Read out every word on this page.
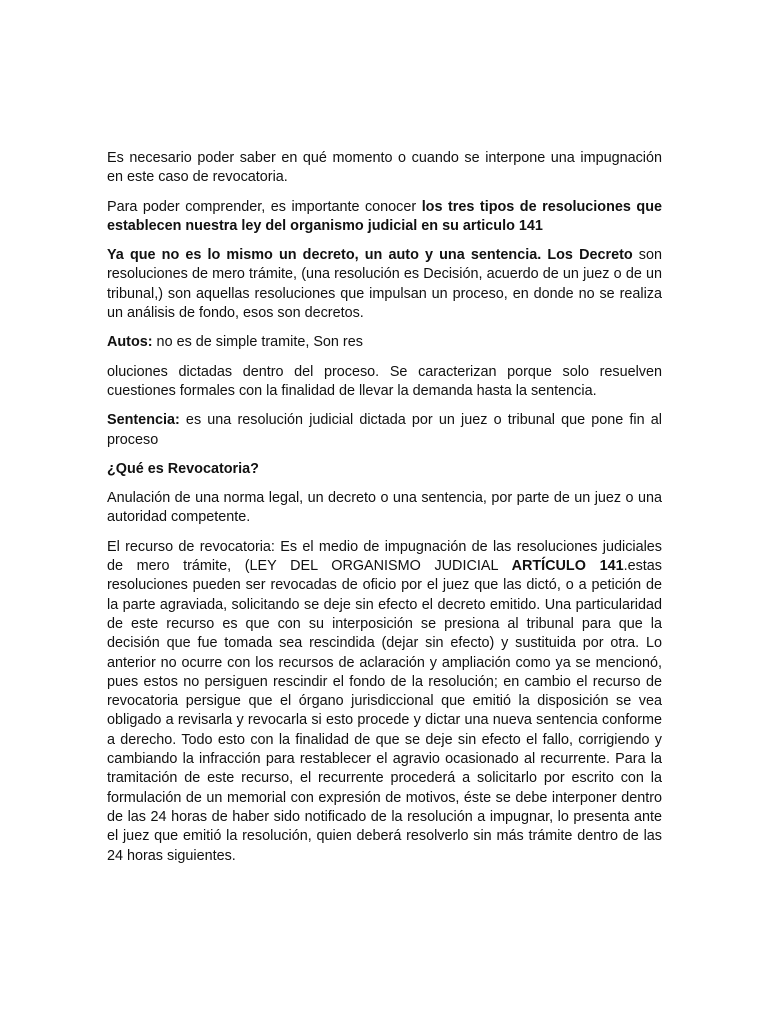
Es necesario poder saber en qué momento o cuando se interpone una impugnación en este caso de revocatoria.

Para poder comprender, es importante conocer los tres tipos de resoluciones que establecen nuestra ley del organismo judicial en su articulo 141

Ya que no es lo mismo un decreto, un auto y una sentencia. Los Decreto son resoluciones de mero trámite, (una resolución es Decisión, acuerdo de un juez o de un tribunal,) son aquellas resoluciones que impulsan un proceso, en donde no se realiza un análisis de fondo, esos son decretos.

Autos: no es de simple tramite, Son res

oluciones dictadas dentro del proceso. Se caracterizan porque solo resuelven cuestiones formales con la finalidad de llevar la demanda hasta la sentencia.

Sentencia: es una resolución judicial dictada por un juez o tribunal que pone fin al proceso

¿Qué es Revocatoria?

Anulación de una norma legal, un decreto o una sentencia, por parte de un juez o una autoridad competente.

El recurso de revocatoria: Es el medio de impugnación de las resoluciones judiciales de mero trámite, (LEY DEL ORGANISMO JUDICIAL ARTÍCULO 141.estas resoluciones pueden ser revocadas de oficio por el juez que las dictó, o a petición de la parte agraviada, solicitando se deje sin efecto el decreto emitido. Una particularidad de este recurso es que con su interposición se presiona al tribunal para que la decisión que fue tomada sea rescindida (dejar sin efecto) y sustituida por otra. Lo anterior no ocurre con los recursos de aclaración y ampliación como ya se mencionó, pues estos no persiguen rescindir el fondo de la resolución; en cambio el recurso de revocatoria persigue que el órgano jurisdiccional que emitió la disposición se vea obligado a revisarla y revocarla si esto procede y dictar una nueva sentencia conforme a derecho. Todo esto con la finalidad de que se deje sin efecto el fallo, corrigiendo y cambiando la infracción para restablecer el agravio ocasionado al recurrente. Para la tramitación de este recurso, el recurrente procederá a solicitarlo por escrito con la formulación de un memorial con expresión de motivos, éste se debe interponer dentro de las 24 horas de haber sido notificado de la resolución a impugnar, lo presenta ante el juez que emitió la resolución, quien deberá resolverlo sin más trámite dentro de las 24 horas siguientes.
